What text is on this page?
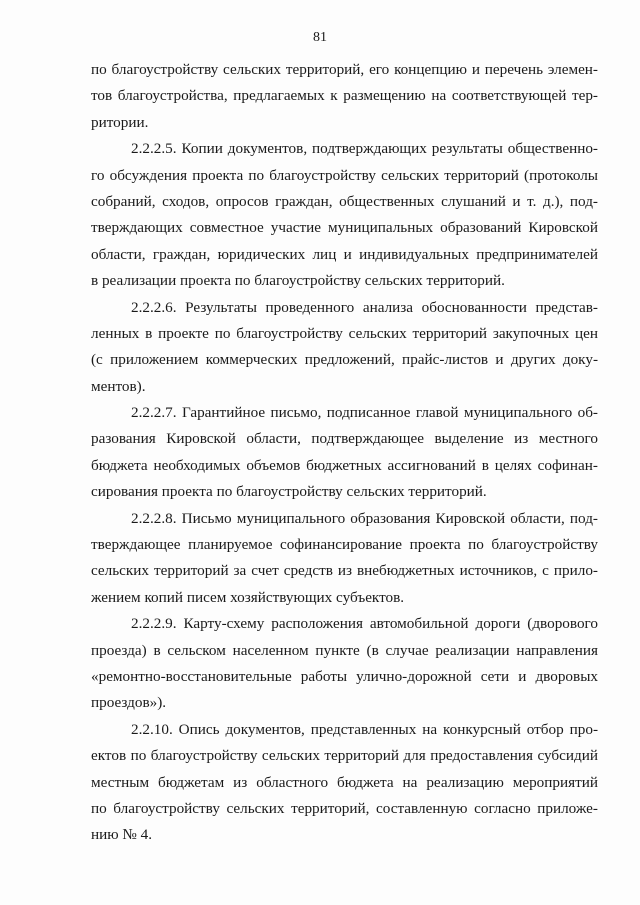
81
по благоустройству сельских территорий, его концепцию и перечень элемен-
тов благоустройства, предлагаемых к размещению на соответствующей тер-
ритории.
2.2.2.5. Копии документов, подтверждающих результаты общественно-
го обсуждения проекта по благоустройству сельских территорий (протоколы
собраний, сходов, опросов граждан, общественных слушаний и т. д.), под-
тверждающих совместное участие муниципальных образований Кировской
области, граждан, юридических лиц и индивидуальных предпринимателей
в реализации проекта по благоустройству сельских территорий.
2.2.2.6. Результаты проведенного анализа обоснованности представ-
ленных в проекте по благоустройству сельских территорий закупочных цен
(с приложением коммерческих предложений, прайс-листов и других доку-
ментов).
2.2.2.7. Гарантийное письмо, подписанное главой муниципального об-
разования Кировской области, подтверждающее выделение из местного
бюджета необходимых объемов бюджетных ассигнований в целях софинан-
сирования проекта по благоустройству сельских территорий.
2.2.2.8. Письмо муниципального образования Кировской области, под-
тверждающее планируемое софинансирование проекта по благоустройству
сельских территорий за счет средств из внебюджетных источников, с прило-
жением копий писем хозяйствующих субъектов.
2.2.2.9. Карту-схему расположения автомобильной дороги (дворового
проезда) в сельском населенном пункте (в случае реализации направления
«ремонтно-восстановительные работы улично-дорожной сети и дворовых
проездов»).
2.2.10. Опись документов, представленных на конкурсный отбор про-
ектов по благоустройству сельских территорий для предоставления субсидий
местным бюджетам из областного бюджета на реализацию мероприятий
по благоустройству сельских территорий, составленную согласно приложе-
нию № 4.
